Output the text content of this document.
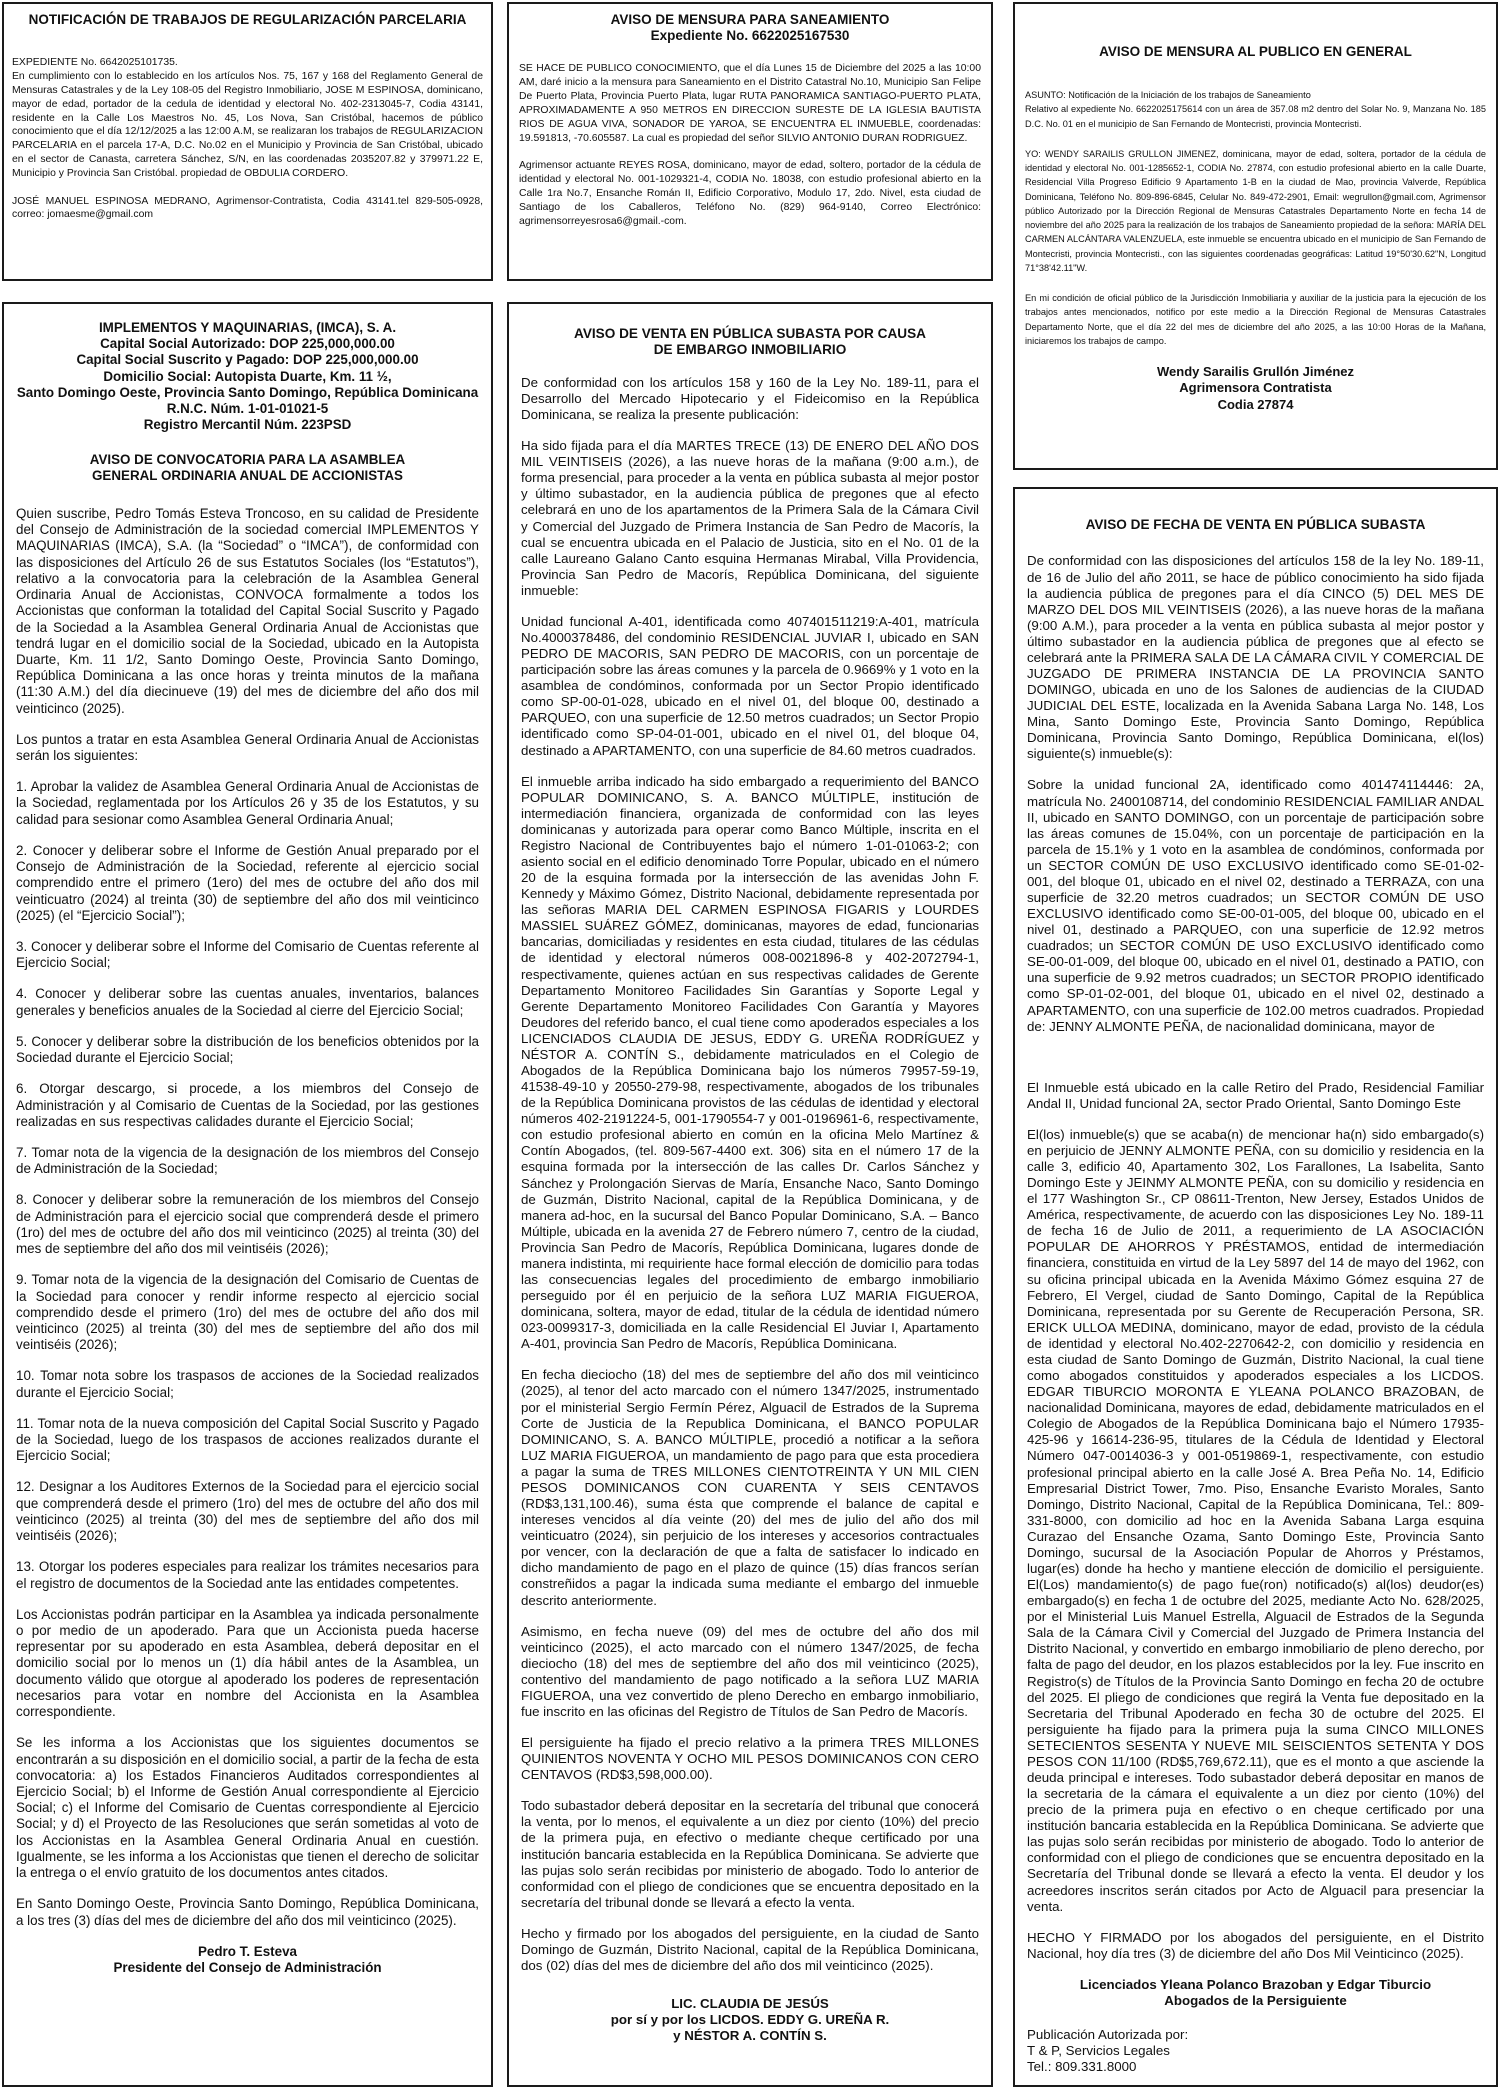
NOTIFICACIÓN DE TRABAJOS DE REGULARIZACIÓN PARCELARIA
EXPEDIENTE No. 6642025101735.
En cumplimiento con lo establecido en los artículos Nos. 75, 167 y 168 del Reglamento General de Mensuras Catastrales y de la Ley 108-05 del Registro Inmobiliario, JOSE M ESPINOSA, dominicano, mayor de edad, portador de la cedula de identidad y electoral No. 402-2313045-7, Codia 43141, residente en la Calle Los Maestros No. 45, Los Nova, San Cristóbal, hacemos de público conocimiento que el día 12/12/2025 a las 12:00 A.M, se realizaran los trabajos de REGULARIZACION PARCELARIA en el parcela 17-A, D.C. No.02 en el Municipio y Provincia de San Cristóbal, ubicado en el sector de Canasta, carretera Sánchez, S/N, en las coordenadas 2035207.82 y 379971.22 E, Municipio y Provincia San Cristóbal. propiedad de OBDULIA CORDERO.
JOSÉ MANUEL ESPINOSA MEDRANO, Agrimensor-Contratista, Codia 43141.tel 829-505-0928, correo: jomaesme@gmail.com
AVISO DE MENSURA PARA SANEAMIENTO
Expediente No. 6622025167530
SE HACE DE PUBLICO CONOCIMIENTO, que el día Lunes 15 de Diciembre del 2025 a las 10:00 AM, daré inicio a la mensura para Saneamiento en el Distrito Catastral No.10, Municipio San Felipe De Puerto Plata, Provincia Puerto Plata, lugar RUTA PANORAMICA SANTIAGO-PUERTO PLATA, APROXIMADAMENTE A 950 METROS EN DIRECCION SURESTE DE LA IGLESIA BAUTISTA RIOS DE AGUA VIVA, SONADOR DE YAROA, SE ENCUENTRA EL INMUEBLE, coordenadas: 19.591813, -70.605587. La cual es propiedad del señor SILVIO ANTONIO DURAN RODRIGUEZ.
Agrimensor actuante REYES ROSA, dominicano, mayor de edad, soltero, portador de la cédula de identidad y electoral No. 001-1029321-4, CODIA No. 18038, con estudio profesional abierto en la Calle 1ra No.7, Ensanche Román II, Edificio Corporativo, Modulo 17, 2do. Nivel, esta ciudad de Santiago de los Caballeros, Teléfono No. (829) 964-9140, Correo Electrónico: agrimensorreyesrosa6@gmail.-com.
AVISO DE MENSURA AL PUBLICO EN GENERAL
ASUNTO: Notificación de la Iniciación de los trabajos de Saneamiento
Relativo al expediente No. 6622025175614 con un área de 357.08 m2 dentro del Solar No. 9, Manzana No. 185 D.C. No. 01 en el municipio de San Fernando de Montecristi, provincia Montecristi.
YO: WENDY SARAILIS GRULLON JIMENEZ, dominicana, mayor de edad, soltera, portador de la cédula de identidad y electoral No. 001-1285652-1, CODIA No. 27874, con estudio profesional abierto en la calle Duarte, Residencial Villa Progreso Edificio 9 Apartamento 1-B en la ciudad de Mao, provincia Valverde, República Dominicana, Teléfono No. 809-896-6845, Celular No. 849-472-2901, Email: wegrullon@gmail.com, Agrimensor público Autorizado por la Dirección Regional de Mensuras Catastrales Departamento Norte en fecha 14 de noviembre del año 2025 para la realización de los trabajos de Saneamiento propiedad de la señora: MARÍA DEL CARMEN ALCÁNTARA VALENZUELA, este inmueble se encuentra ubicado en el municipio de San Fernando de Montecristi, provincia Montecristi., con las siguientes coordenadas geográficas: Latitud 19°50'30.62"N, Longitud 71°38'42.11"W.
En mi condición de oficial público de la Jurisdicción Inmobiliaria y auxiliar de la justicia para la ejecución de los trabajos antes mencionados, notifico por este medio a la Dirección Regional de Mensuras Catastrales Departamento Norte, que el día 22 del mes de diciembre del año 2025, a las 10:00 Horas de la Mañana, iniciaremos los trabajos de campo.
Wendy Sarailis Grullón Jiménez
Agrimensora Contratista
Codia 27874
IMPLEMENTOS Y MAQUINARIAS, (IMCA), S. A.
Capital Social Autorizado: DOP 225,000,000.00
Capital Social Suscrito y Pagado: DOP 225,000,000.00
Domicilio Social: Autopista Duarte, Km. 11 ½,
Santo Domingo Oeste, Provincia Santo Domingo, República Dominicana
R.N.C. Núm. 1-01-01021-5
Registro Mercantil Núm. 223PSD
AVISO DE CONVOCATORIA PARA LA ASAMBLEA
GENERAL ORDINARIA ANUAL DE ACCIONISTAS
Quien suscribe, Pedro Tomás Esteva Troncoso, en su calidad de Presidente del Consejo de Administración de la sociedad comercial IMPLEMENTOS Y MAQUINARIAS (IMCA), S.A. (la “Sociedad” o “IMCA”), de conformidad con las disposiciones del Artículo 26 de sus Estatutos Sociales (los “Estatutos”), relativo a la convocatoria para la celebración de la Asamblea General Ordinaria Anual de Accionistas, CONVOCA formalmente a todos los Accionistas que conforman la totalidad del Capital Social Suscrito y Pagado de la Sociedad a la Asamblea General Ordinaria Anual de Accionistas que tendrá lugar en el domicilio social de la Sociedad, ubicado en la Autopista Duarte, Km. 11 1/2, Santo Domingo Oeste, Provincia Santo Domingo, República Dominicana a las once horas y treinta minutos de la mañana (11:30 A.M.) del día diecinueve (19) del mes de diciembre del año dos mil veinticinco (2025).
Los puntos a tratar en esta Asamblea General Ordinaria Anual de Accionistas serán los siguientes:
1. Aprobar la validez de Asamblea General Ordinaria Anual de Accionistas de la Sociedad, reglamentada por los Artículos 26 y 35 de los Estatutos, y su calidad para sesionar como Asamblea General Ordinaria Anual;
2. Conocer y deliberar sobre el Informe de Gestión Anual preparado por el Consejo de Administración de la Sociedad, referente al ejercicio social comprendido entre el primero (1ero) del mes de octubre del año dos mil veinticuatro (2024) al treinta (30) de septiembre del año dos mil veinticinco (2025) (el “Ejercicio Social”);
3. Conocer y deliberar sobre el Informe del Comisario de Cuentas referente al Ejercicio Social;
4. Conocer y deliberar sobre las cuentas anuales, inventarios, balances generales y beneficios anuales de la Sociedad al cierre del Ejercicio Social;
5. Conocer y deliberar sobre la distribución de los beneficios obtenidos por la Sociedad durante el Ejercicio Social;
6. Otorgar descargo, si procede, a los miembros del Consejo de Administración y al Comisario de Cuentas de la Sociedad, por las gestiones realizadas en sus respectivas calidades durante el Ejercicio Social;
7. Tomar nota de la vigencia de la designación de los miembros del Consejo de Administración de la Sociedad;
8. Conocer y deliberar sobre la remuneración de los miembros del Consejo de Administración para el ejercicio social que comprenderá desde el primero (1ro) del mes de octubre del año dos mil veinticinco (2025) al treinta (30) del mes de septiembre del año dos mil veintiséis (2026);
9. Tomar nota de la vigencia de la designación del Comisario de Cuentas de la Sociedad para conocer y rendir informe respecto al ejercicio social comprendido desde el primero (1ro) del mes de octubre del año dos mil veinticinco (2025) al treinta (30) del mes de septiembre del año dos mil veintiséis (2026);
10. Tomar nota sobre los traspasos de acciones de la Sociedad realizados durante el Ejercicio Social;
11. Tomar nota de la nueva composición del Capital Social Suscrito y Pagado de la Sociedad, luego de los traspasos de acciones realizados durante el Ejercicio Social;
12. Designar a los Auditores Externos de la Sociedad para el ejercicio social que comprenderá desde el primero (1ro) del mes de octubre del año dos mil veinticinco (2025) al treinta (30) del mes de septiembre del año dos mil veintiséis (2026);
13. Otorgar los poderes especiales para realizar los trámites necesarios para el registro de documentos de la Sociedad ante las entidades competentes.
Los Accionistas podrán participar en la Asamblea ya indicada personalmente o por medio de un apoderado. Para que un Accionista pueda hacerse representar por su apoderado en esta Asamblea, deberá depositar en el domicilio social por lo menos un (1) día hábil antes de la Asamblea, un documento válido que otorgue al apoderado los poderes de representación necesarios para votar en nombre del Accionista en la Asamblea correspondiente.
Se les informa a los Accionistas que los siguientes documentos se encontrarán a su disposición en el domicilio social, a partir de la fecha de esta convocatoria: a) los Estados Financieros Auditados correspondientes al Ejercicio Social; b) el Informe de Gestión Anual correspondiente al Ejercicio Social; c) el Informe del Comisario de Cuentas correspondiente al Ejercicio Social; y d) el Proyecto de las Resoluciones que serán sometidas al voto de los Accionistas en la Asamblea General Ordinaria Anual en cuestión. Igualmente, se les informa a los Accionistas que tienen el derecho de solicitar la entrega o el envío gratuito de los documentos antes citados.
En Santo Domingo Oeste, Provincia Santo Domingo, República Dominicana, a los tres (3) días del mes de diciembre del año dos mil veinticinco (2025).
Pedro T. Esteva
Presidente del Consejo de Administración
AVISO DE VENTA EN PÚBLICA SUBASTA POR CAUSA
DE EMBARGO INMOBILIARIO
De conformidad con los artículos 158 y 160 de la Ley No. 189-11, para el Desarrollo del Mercado Hipotecario y el Fideicomiso en la República Dominicana, se realiza la presente publicación:
Ha sido fijada para el día MARTES TRECE (13) DE ENERO DEL AÑO DOS MIL VEINTISEIS (2026), a las nueve horas de la mañana (9:00 a.m.), de forma presencial, para proceder a la venta en pública subasta al mejor postor y último subastador, en la audiencia pública de pregones que al efecto celebrará en uno de los apartamentos de la Primera Sala de la Cámara Civil y Comercial del Juzgado de Primera Instancia de San Pedro de Macorís, la cual se encuentra ubicada en el Palacio de Justicia, sito en el No. 01 de la calle Laureano Galano Canto esquina Hermanas Mirabal, Villa Providencia, Provincia San Pedro de Macorís, República Dominicana, del siguiente inmueble:
Unidad funcional A-401, identificada como 407401511219:A-401, matrícula No.4000378486, del condominio RESIDENCIAL JUVIAR I, ubicado en SAN PEDRO DE MACORIS, SAN PEDRO DE MACORIS, con un porcentaje de participación sobre las áreas comunes y la parcela de 0.9669% y 1 voto en la asamblea de condóminos, conformada por un Sector Propio identificado como SP-00-01-028, ubicado en el nivel 01, del bloque 00, destinado a PARQUEO, con una superficie de 12.50 metros cuadrados; un Sector Propio identificado como SP-04-01-001, ubicado en el nivel 01, del bloque 04, destinado a APARTAMENTO, con una superficie de 84.60 metros cuadrados.
El inmueble arriba indicado ha sido embargado a requerimiento del BANCO POPULAR DOMINICANO, S. A. BANCO MÚLTIPLE, institución de intermediación financiera, organizada de conformidad con las leyes dominicanas y autorizada para operar como Banco Múltiple, inscrita en el Registro Nacional de Contribuyentes bajo el número 1-01-01063-2; con asiento social en el edificio denominado Torre Popular, ubicado en el número 20 de la esquina formada por la intersección de las avenidas John F. Kennedy y Máximo Gómez, Distrito Nacional, debidamente representada por las señoras MARIA DEL CARMEN ESPINOSA FIGARIS y LOURDES MASSIEL SUÁREZ GÓMEZ, dominicanas, mayores de edad, funcionarias bancarias, domiciliadas y residentes en esta ciudad, titulares de las cédulas de identidad y electoral números 008-0021896-8 y 402-2072794-1, respectivamente, quienes actúan en sus respectivas calidades de Gerente Departamento Monitoreo Facilidades Sin Garantías y Soporte Legal y Gerente Departamento Monitoreo Facilidades Con Garantía y Mayores Deudores del referido banco, el cual tiene como apoderados especiales a los LICENCIADOS CLAUDIA DE JESUS, EDDY G. UREÑA RODRÍGUEZ y NÉSTOR A. CONTÍN S., debidamente matriculados en el Colegio de Abogados de la República Dominicana bajo los números 79957-59-19, 41538-49-10 y 20550-279-98, respectivamente, abogados de los tribunales de la República Dominicana provistos de las cédulas de identidad y electoral números 402-2191224-5, 001-1790554-7 y 001-0196961-6, respectivamente, con estudio profesional abierto en común en la oficina Melo Martínez & Contín Abogados, (tel. 809-567-4400 ext. 306) sita en el número 17 de la esquina formada por la intersección de las calles Dr. Carlos Sánchez y Sánchez y Prolongación Siervas de María, Ensanche Naco, Santo Domingo de Guzmán, Distrito Nacional, capital de la República Dominicana, y de manera ad-hoc, en la sucursal del Banco Popular Dominicano, S.A. – Banco Múltiple, ubicada en la avenida 27 de Febrero número 7, centro de la ciudad, Provincia San Pedro de Macorís, República Dominicana, lugares donde de manera indistinta, mi requiriente hace formal elección de domicilio para todas las consecuencias legales del procedimiento de embargo inmobiliario perseguido por él en perjuicio de la señora LUZ MARIA FIGUEROA, dominicana, soltera, mayor de edad, titular de la cédula de identidad número 023-0099317-3, domiciliada en la calle Residencial El Juviar I, Apartamento A-401, provincia San Pedro de Macorís, República Dominicana.
En fecha dieciocho (18) del mes de septiembre del año dos mil veinticinco (2025), al tenor del acto marcado con el número 1347/2025, instrumentado por el ministerial Sergio Fermín Pérez, Alguacil de Estrados de la Suprema Corte de Justicia de la Republica Dominicana, el BANCO POPULAR DOMINICANO, S. A. BANCO MÚLTIPLE, procedió a notificar a la señora LUZ MARIA FIGUEROA, un mandamiento de pago para que esta procediera a pagar la suma de TRES MILLONES CIENTOTREINTA Y UN MIL CIEN PESOS DOMINICANOS CON CUARENTA Y SEIS CENTAVOS (RD$3,131,100.46), suma ésta que comprende el balance de capital e intereses vencidos al día veinte (20) del mes de julio del año dos mil veinticuatro (2024), sin perjuicio de los intereses y accesorios contractuales por vencer, con la declaración de que a falta de satisfacer lo indicado en dicho mandamiento de pago en el plazo de quince (15) días francos serían constreñidos a pagar la indicada suma mediante el embargo del inmueble descrito anteriormente.
Asimismo, en fecha nueve (09) del mes de octubre del año dos mil veinticinco (2025), el acto marcado con el número 1347/2025, de fecha dieciocho (18) del mes de septiembre del año dos mil veinticinco (2025), contentivo del mandamiento de pago notificado a la señora LUZ MARIA FIGUEROA, una vez convertido de pleno Derecho en embargo inmobiliario, fue inscrito en las oficinas del Registro de Títulos de San Pedro de Macorís.
El persiguiente ha fijado el precio relativo a la primera TRES MILLONES QUINIENTOS NOVENTA Y OCHO MIL PESOS DOMINICANOS CON CERO CENTAVOS (RD$3,598,000.00).
Todo subastador deberá depositar en la secretaría del tribunal que conocerá la venta, por lo menos, el equivalente a un diez por ciento (10%) del precio de la primera puja, en efectivo o mediante cheque certificado por una institución bancaria establecida en la República Dominicana. Se advierte que las pujas solo serán recibidas por ministerio de abogado. Todo lo anterior de conformidad con el pliego de condiciones que se encuentra depositado en la secretaría del tribunal donde se llevará a efecto la venta.
Hecho y firmado por los abogados del persiguiente, en la ciudad de Santo Domingo de Guzmán, Distrito Nacional, capital de la República Dominicana, dos (02) días del mes de diciembre del año dos mil veinticinco (2025).
LIC. CLAUDIA DE JESÚS
por sí y por los LICDOS. EDDY G. UREÑA R.
y NÉSTOR A. CONTÍN S.
AVISO DE FECHA DE VENTA EN PÚBLICA SUBASTA
De conformidad con las disposiciones del artículos 158 de la ley No. 189-11, de 16 de Julio del año 2011, se hace de público conocimiento ha sido fijada la audiencia pública de pregones para el día CINCO (5) DEL MES DE MARZO DEL DOS MIL VEINTISEIS (2026), a las nueve horas de la mañana (9:00 A.M.), para proceder a la venta en pública subasta al mejor postor y último subastador en la audiencia pública de pregones que al efecto se celebrará ante la PRIMERA SALA DE LA CÁMARA CIVIL Y COMERCIAL DE JUZGADO DE PRIMERA INSTANCIA DE LA PROVINCIA SANTO DOMINGO, ubicada en uno de los Salones de audiencias de la CIUDAD JUDICIAL DEL ESTE, localizada en la Avenida Sabana Larga No. 148, Los Mina, Santo Domingo Este, Provincia Santo Domingo, República Dominicana, Provincia Santo Domingo, República Dominicana, el(los) siguiente(s) inmueble(s):
Sobre la unidad funcional 2A, identificado como 401474114446: 2A, matrícula No. 2400108714, del condominio RESIDENCIAL FAMILIAR ANDAL II, ubicado en SANTO DOMINGO, con un porcentaje de participación sobre las áreas comunes de 15.04%, con un porcentaje de participación en la parcela de 15.1% y 1 voto en la asamblea de condóminos, conformada por un SECTOR COMÚN DE USO EXCLUSIVO identificado como SE-01-02-001, del bloque 01, ubicado en el nivel 02, destinado a TERRAZA, con una superficie de 32.20 metros cuadrados; un SECTOR COMÚN DE USO EXCLUSIVO identificado como SE-00-01-005, del bloque 00, ubicado en el nivel 01, destinado a PARQUEO, con una superficie de 12.92 metros cuadrados; un SECTOR COMÚN DE USO EXCLUSIVO identificado como SE-00-01-009, del bloque 00, ubicado en el nivel 01, destinado a PATIO, con una superficie de 9.92 metros cuadrados; un SECTOR PROPIO identificado como SP-01-02-001, del bloque 01, ubicado en el nivel 02, destinado a APARTAMENTO, con una superficie de 102.00 metros cuadrados. Propiedad de: JENNY ALMONTE PEÑA, de nacionalidad dominicana, mayor de
El Inmueble está ubicado en la calle Retiro del Prado, Residencial Familiar Andal II, Unidad funcional 2A, sector Prado Oriental, Santo Domingo Este
El(los) inmueble(s) que se acaba(n) de mencionar ha(n) sido embargado(s) en perjuicio de JENNY ALMONTE PEÑA, con su domicilio y residencia en la calle 3, edificio 40, Apartamento 302, Los Farallones, La Isabelita, Santo Domingo Este y JEINMY ALMONTE PEÑA, con su domicilio y residencia en el 177 Washington Sr., CP 08611-Trenton, New Jersey, Estados Unidos de América, respectivamente, de acuerdo con las disposiciones Ley No. 189-11 de fecha 16 de Julio de 2011, a requerimiento de LA ASOCIACIÓN POPULAR DE AHORROS Y PRÉSTAMOS, entidad de intermediación financiera, constituida en virtud de la Ley 5897 del 14 de mayo del 1962, con su oficina principal ubicada en la Avenida Máximo Gómez esquina 27 de Febrero, El Vergel, ciudad de Santo Domingo, Capital de la República Dominicana, representada por su Gerente de Recuperación Persona, SR. ERICK ULLOA MEDINA, dominicano, mayor de edad, provisto de la cédula de identidad y electoral No.402-2270642-2, con domicilio y residencia en esta ciudad de Santo Domingo de Guzmán, Distrito Nacional, la cual tiene como abogados constituidos y apoderados especiales a los LICDOS. EDGAR TIBURCIO MORONTA E YLEANA POLANCO BRAZOBAN, de nacionalidad Dominicana, mayores de edad, debidamente matriculados en el Colegio de Abogados de la República Dominicana bajo el Número 17935-425-96 y 16614-236-95, titulares de la Cédula de Identidad y Electoral Número 047-0014036-3 y 001-0519869-1, respectivamente, con estudio profesional principal abierto en la calle José A. Brea Peña No. 14, Edificio Empresarial District Tower, 7mo. Piso, Ensanche Evaristo Morales, Santo Domingo, Distrito Nacional, Capital de la República Dominicana, Tel.: 809-331-8000, con domicilio ad hoc en la Avenida Sabana Larga esquina Curazao del Ensanche Ozama, Santo Domingo Este, Provincia Santo Domingo, sucursal de la Asociación Popular de Ahorros y Préstamos, lugar(es) donde ha hecho y mantiene elección de domicilio el persiguiente. El(Los) mandamiento(s) de pago fue(ron) notificado(s) al(los) deudor(es) embargado(s) en fecha 1 de octubre del 2025, mediante Acto No. 628/2025, por el Ministerial Luis Manuel Estrella, Alguacil de Estrados de la Segunda Sala de la Cámara Civil y Comercial del Juzgado de Primera Instancia del Distrito Nacional, y convertido en embargo inmobiliario de pleno derecho, por falta de pago del deudor, en los plazos establecidos por la ley. Fue inscrito en Registro(s) de Títulos de la Provincia Santo Domingo en fecha 20 de octubre del 2025. El pliego de condiciones que regirá la Venta fue depositado en la Secretaria del Tribunal Apoderado en fecha 30 de octubre del 2025. El persiguiente ha fijado para la primera puja la suma CINCO MILLONES SETECIENTOS SESENTA Y NUEVE MIL SEISCIENTOS SETENTA Y DOS PESOS CON 11/100 (RD$5,769,672.11), que es el monto a que asciende la deuda principal e intereses. Todo subastador deberá depositar en manos de la secretaria de la cámara el equivalente a un diez por ciento (10%) del precio de la primera puja en efectivo o en cheque certificado por una institución bancaria establecida en la República Dominicana. Se advierte que las pujas solo serán recibidas por ministerio de abogado. Todo lo anterior de conformidad con el pliego de condiciones que se encuentra depositado en la Secretaría del Tribunal donde se llevará a efecto la venta. El deudor y los acreedores inscritos serán citados por Acto de Alguacil para presenciar la venta.
HECHO Y FIRMADO por los abogados del persiguiente, en el Distrito Nacional, hoy día tres (3) de diciembre del año Dos Mil Veinticinco (2025).
Licenciados Yleana Polanco Brazoban y Edgar Tiburcio
Abogados de la Persiguiente
Publicación Autorizada por:
T & P, Servicios Legales
Tel.: 809.331.8000
